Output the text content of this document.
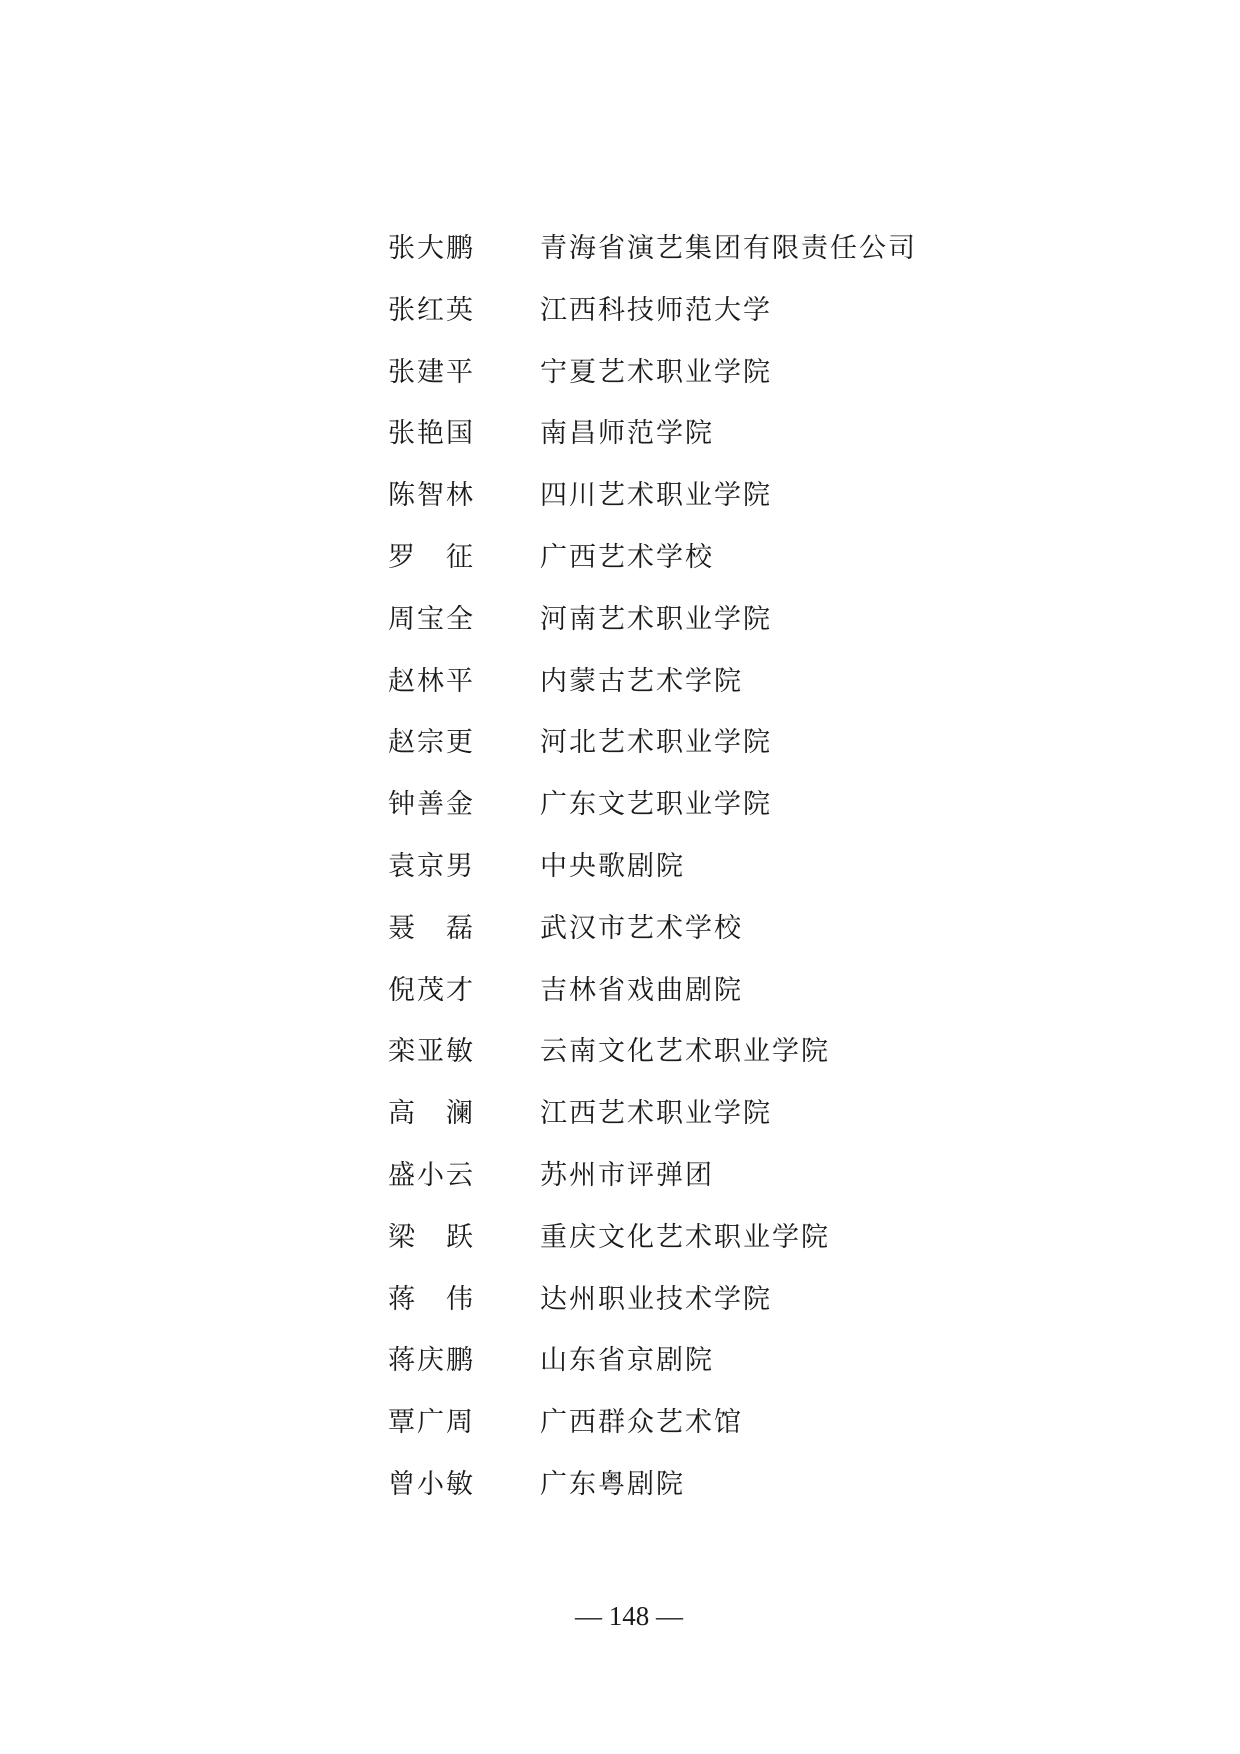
张大鹏	青海省演艺集团有限责任公司
张红英	江西科技师范大学
张建平	宁夏艺术职业学院
张艳国	南昌师范学院
陈智林	四川艺术职业学院
罗　征	广西艺术学校
周宝全	河南艺术职业学院
赵林平	内蒙古艺术学院
赵宗更	河北艺术职业学院
钟善金	广东文艺职业学院
袁京男	中央歌剧院
聂　磊	武汉市艺术学校
倪茂才	吉林省戏曲剧院
栾亚敏	云南文化艺术职业学院
高　澜	江西艺术职业学院
盛小云	苏州市评弹团
梁　跃	重庆文化艺术职业学院
蒋　伟	达州职业技术学院
蒋庆鹏	山东省京剧院
覃广周	广西群众艺术馆
曾小敏	广东粤剧院
— 148 —
